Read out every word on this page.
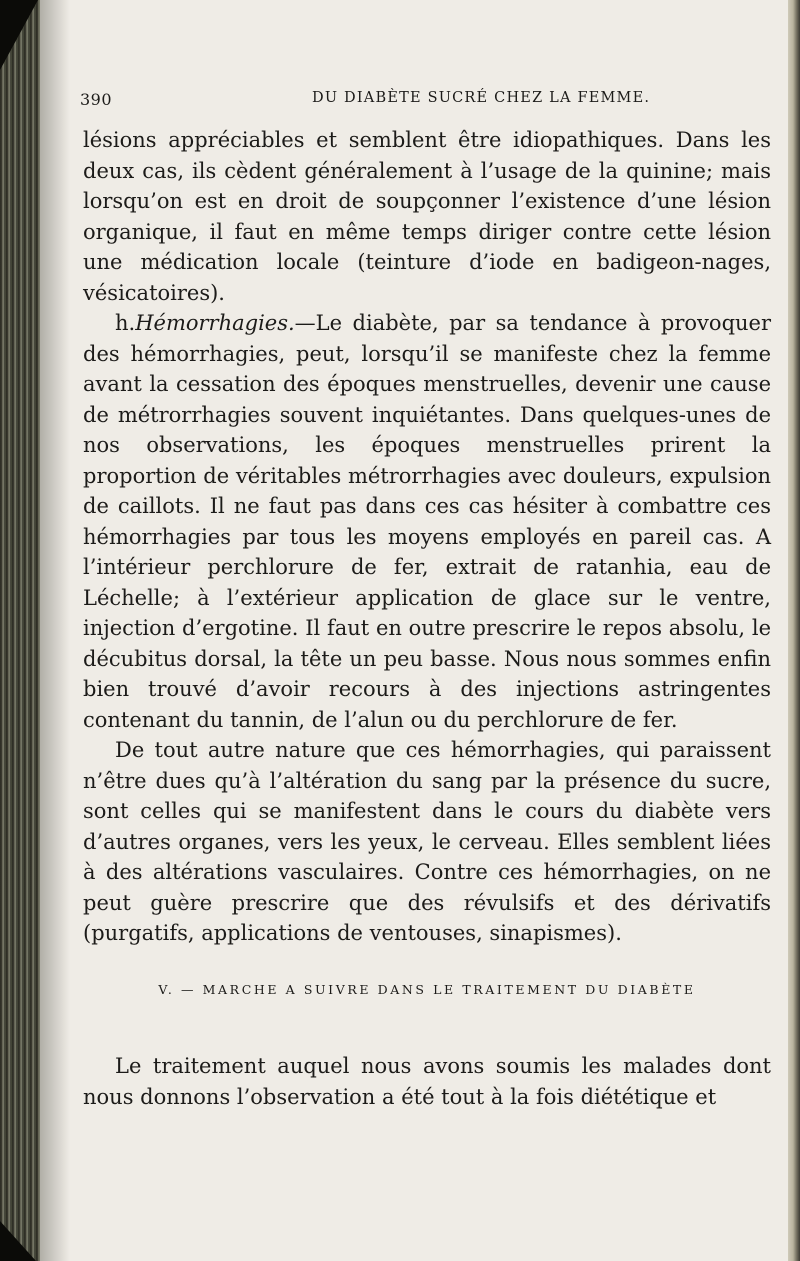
390	DU DIABÈTE SUCRÉ CHEZ LA FEMME.

lésions appréciables et semblent être idiopathiques. Dans les deux cas, ils cèdent généralement à l’usage de la quinine; mais lorsqu’on est en droit de soupçonner l’existence d’une lésion organique, il faut en même temps diriger contre cette lésion une médication locale (teinture d’iode en badigeon-nages, vésicatoires).

h.Hémorrhagies.—Le diabète, par sa tendance à provoquer des hémorrhagies, peut, lorsqu’il se manifeste chez la femme avant la cessation des époques menstruelles, devenir une cause de métrorrhagies souvent inquiétantes. Dans quelques-unes de nos observations, les époques menstruelles prirent la proportion de véritables métrorrhagies avec douleurs, expulsion de caillots. Il ne faut pas dans ces cas hésiter à combattre ces hémorrhagies par tous les moyens employés en pareil cas. A l’intérieur perchlorure de fer, extrait de ratanhia, eau de Léchelle; à l’extérieur application de glace sur le ventre, injection d’ergotine. Il faut en outre prescrire le repos absolu, le décubitus dorsal, la tête un peu basse. Nous nous sommes enfin bien trouvé d’avoir recours à des injections astringentes contenant du tannin, de l’alun ou du perchlorure de fer.

De tout autre nature que ces hémorrhagies, qui paraissent n’être dues qu’à l’altération du sang par la présence du sucre, sont celles qui se manifestent dans le cours du diabète vers d’autres organes, vers les yeux, le cerveau. Elles semblent liées à des altérations vasculaires. Contre ces hémorrhagies, on ne peut guère prescrire que des révulsifs et des dérivatifs (purgatifs, applications de ventouses, sinapismes).

V. — MARCHE A SUIVRE DANS LE TRAITEMENT DU DIABÈTE

Le traitement auquel nous avons soumis les malades dont nous donnons l’observation a été tout à la fois diététique et
